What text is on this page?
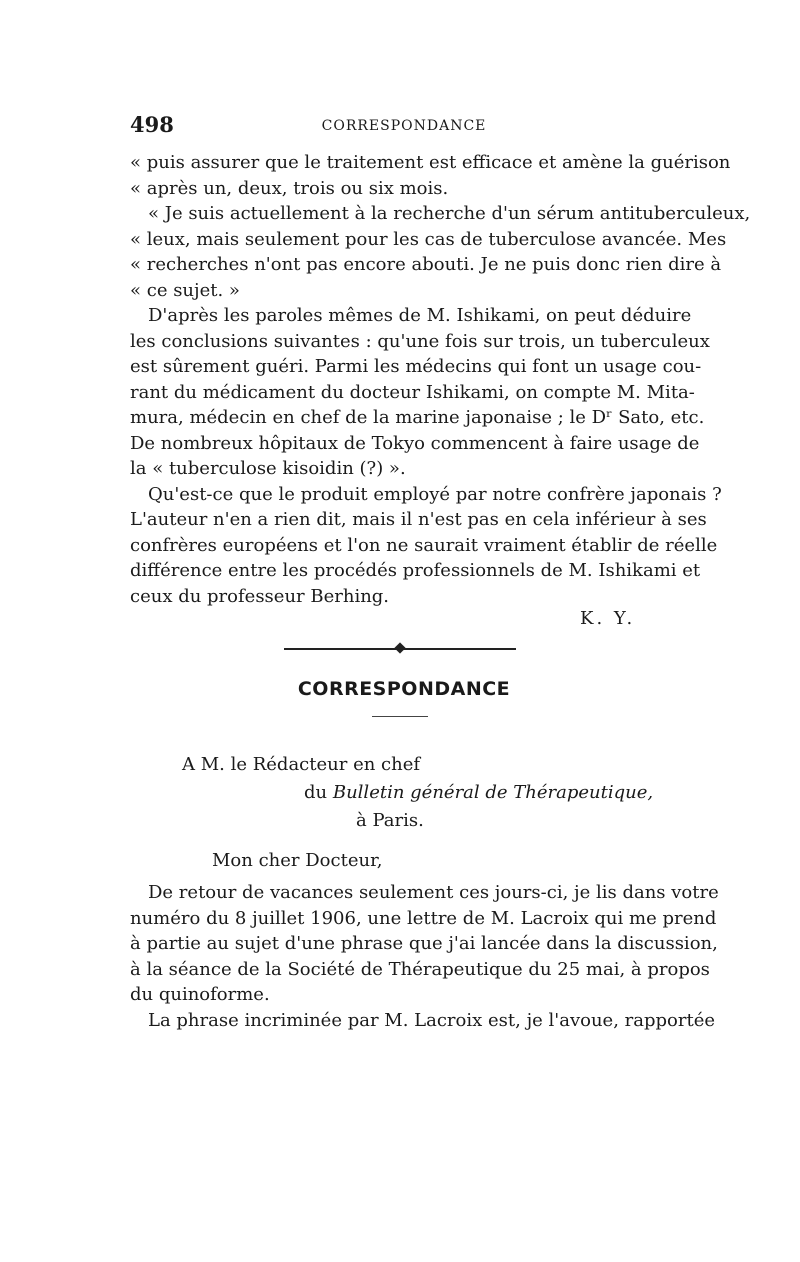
498	CORRESPONDANCE
« puis assurer que le traitement est efficace et amène la guérison
« après un, deux, trois ou six mois.
« Je suis actuellement à la recherche d'un sérum antituberculeux,
« leux, mais seulement pour les cas de tuberculose avancée. Mes
« recherches n'ont pas encore abouti. Je ne puis donc rien dire à
« ce sujet. »
D'après les paroles mêmes de M. Ishikami, on peut déduire
les conclusions suivantes : qu'une fois sur trois, un tuberculeux
est sûrement guéri. Parmi les médecins qui font un usage cou-
rant du médicament du docteur Ishikami, on compte M. Mita-
mura, médecin en chef de la marine japonaise ; le Dʳ Sato, etc.
De nombreux hôpitaux de Tokyo commencent à faire usage de
la « tuberculose kisoidin (?) ».
Qu'est-ce que le produit employé par notre confrère japonais ?
L'auteur n'en a rien dit, mais il n'est pas en cela inférieur à ses
confrères européens et l'on ne saurait vraiment établir de réelle
différence entre les procédés professionnels de M. Ishikami et
ceux du professeur Berhing.
K. Y.
CORRESPONDANCE
A M. le Rédacteur en chef
du Bulletin général de Thérapeutique,
à Paris.
Mon cher Docteur,
De retour de vacances seulement ces jours-ci, je lis dans votre
numéro du 8 juillet 1906, une lettre de M. Lacroix qui me prend
à partie au sujet d'une phrase que j'ai lancée dans la discussion,
à la séance de la Société de Thérapeutique du 25 mai, à propos
du quinoforme.
La phrase incriminée par M. Lacroix est, je l'avoue, rapportée
